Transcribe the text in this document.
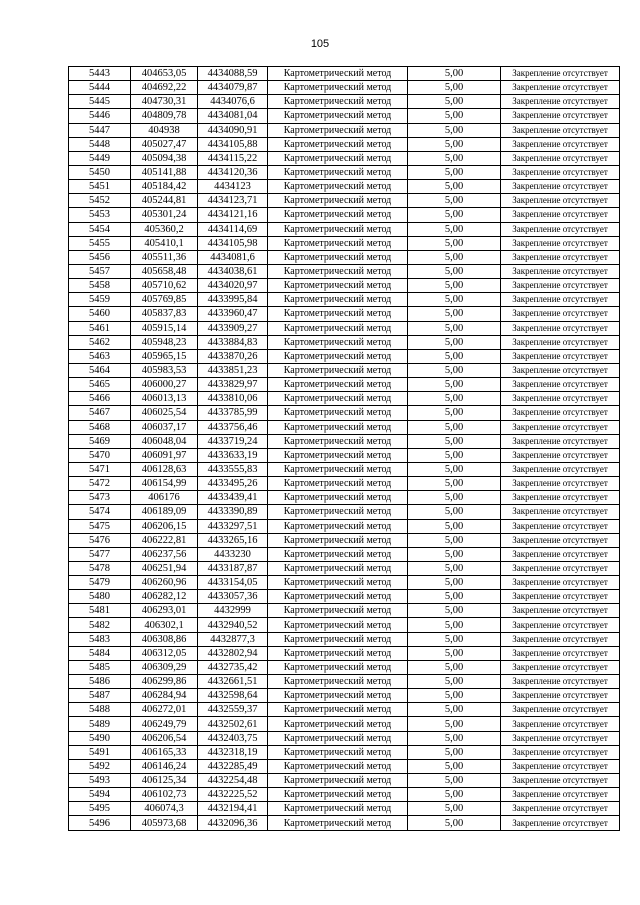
105
5443	404653,05	4434088,59	Картометрический метод	5,00	Закрепление отсутствует
5444	404692,22	4434079,87	Картометрический метод	5,00	Закрепление отсутствует
5445	404730,31	4434076,6	Картометрический метод	5,00	Закрепление отсутствует
5446	404809,78	4434081,04	Картометрический метод	5,00	Закрепление отсутствует
5447	404938	4434090,91	Картометрический метод	5,00	Закрепление отсутствует
5448	405027,47	4434105,88	Картометрический метод	5,00	Закрепление отсутствует
5449	405094,38	4434115,22	Картометрический метод	5,00	Закрепление отсутствует
5450	405141,88	4434120,36	Картометрический метод	5,00	Закрепление отсутствует
5451	405184,42	4434123	Картометрический метод	5,00	Закрепление отсутствует
5452	405244,81	4434123,71	Картометрический метод	5,00	Закрепление отсутствует
5453	405301,24	4434121,16	Картометрический метод	5,00	Закрепление отсутствует
5454	405360,2	4434114,69	Картометрический метод	5,00	Закрепление отсутствует
5455	405410,1	4434105,98	Картометрический метод	5,00	Закрепление отсутствует
5456	405511,36	4434081,6	Картометрический метод	5,00	Закрепление отсутствует
5457	405658,48	4434038,61	Картометрический метод	5,00	Закрепление отсутствует
5458	405710,62	4434020,97	Картометрический метод	5,00	Закрепление отсутствует
5459	405769,85	4433995,84	Картометрический метод	5,00	Закрепление отсутствует
5460	405837,83	4433960,47	Картометрический метод	5,00	Закрепление отсутствует
5461	405915,14	4433909,27	Картометрический метод	5,00	Закрепление отсутствует
5462	405948,23	4433884,83	Картометрический метод	5,00	Закрепление отсутствует
5463	405965,15	4433870,26	Картометрический метод	5,00	Закрепление отсутствует
5464	405983,53	4433851,23	Картометрический метод	5,00	Закрепление отсутствует
5465	406000,27	4433829,97	Картометрический метод	5,00	Закрепление отсутствует
5466	406013,13	4433810,06	Картометрический метод	5,00	Закрепление отсутствует
5467	406025,54	4433785,99	Картометрический метод	5,00	Закрепление отсутствует
5468	406037,17	4433756,46	Картометрический метод	5,00	Закрепление отсутствует
5469	406048,04	4433719,24	Картометрический метод	5,00	Закрепление отсутствует
5470	406091,97	4433633,19	Картометрический метод	5,00	Закрепление отсутствует
5471	406128,63	4433555,83	Картометрический метод	5,00	Закрепление отсутствует
5472	406154,99	4433495,26	Картометрический метод	5,00	Закрепление отсутствует
5473	406176	4433439,41	Картометрический метод	5,00	Закрепление отсутствует
5474	406189,09	4433390,89	Картометрический метод	5,00	Закрепление отсутствует
5475	406206,15	4433297,51	Картометрический метод	5,00	Закрепление отсутствует
5476	406222,81	4433265,16	Картометрический метод	5,00	Закрепление отсутствует
5477	406237,56	4433230	Картометрический метод	5,00	Закрепление отсутствует
5478	406251,94	4433187,87	Картометрический метод	5,00	Закрепление отсутствует
5479	406260,96	4433154,05	Картометрический метод	5,00	Закрепление отсутствует
5480	406282,12	4433057,36	Картометрический метод	5,00	Закрепление отсутствует
5481	406293,01	4432999	Картометрический метод	5,00	Закрепление отсутствует
5482	406302,1	4432940,52	Картометрический метод	5,00	Закрепление отсутствует
5483	406308,86	4432877,3	Картометрический метод	5,00	Закрепление отсутствует
5484	406312,05	4432802,94	Картометрический метод	5,00	Закрепление отсутствует
5485	406309,29	4432735,42	Картометрический метод	5,00	Закрепление отсутствует
5486	406299,86	4432661,51	Картометрический метод	5,00	Закрепление отсутствует
5487	406284,94	4432598,64	Картометрический метод	5,00	Закрепление отсутствует
5488	406272,01	4432559,37	Картометрический метод	5,00	Закрепление отсутствует
5489	406249,79	4432502,61	Картометрический метод	5,00	Закрепление отсутствует
5490	406206,54	4432403,75	Картометрический метод	5,00	Закрепление отсутствует
5491	406165,33	4432318,19	Картометрический метод	5,00	Закрепление отсутствует
5492	406146,24	4432285,49	Картометрический метод	5,00	Закрепление отсутствует
5493	406125,34	4432254,48	Картометрический метод	5,00	Закрепление отсутствует
5494	406102,73	4432225,52	Картометрический метод	5,00	Закрепление отсутствует
5495	406074,3	4432194,41	Картометрический метод	5,00	Закрепление отсутствует
5496	405973,68	4432096,36	Картометрический метод	5,00	Закрепление отсутствует
